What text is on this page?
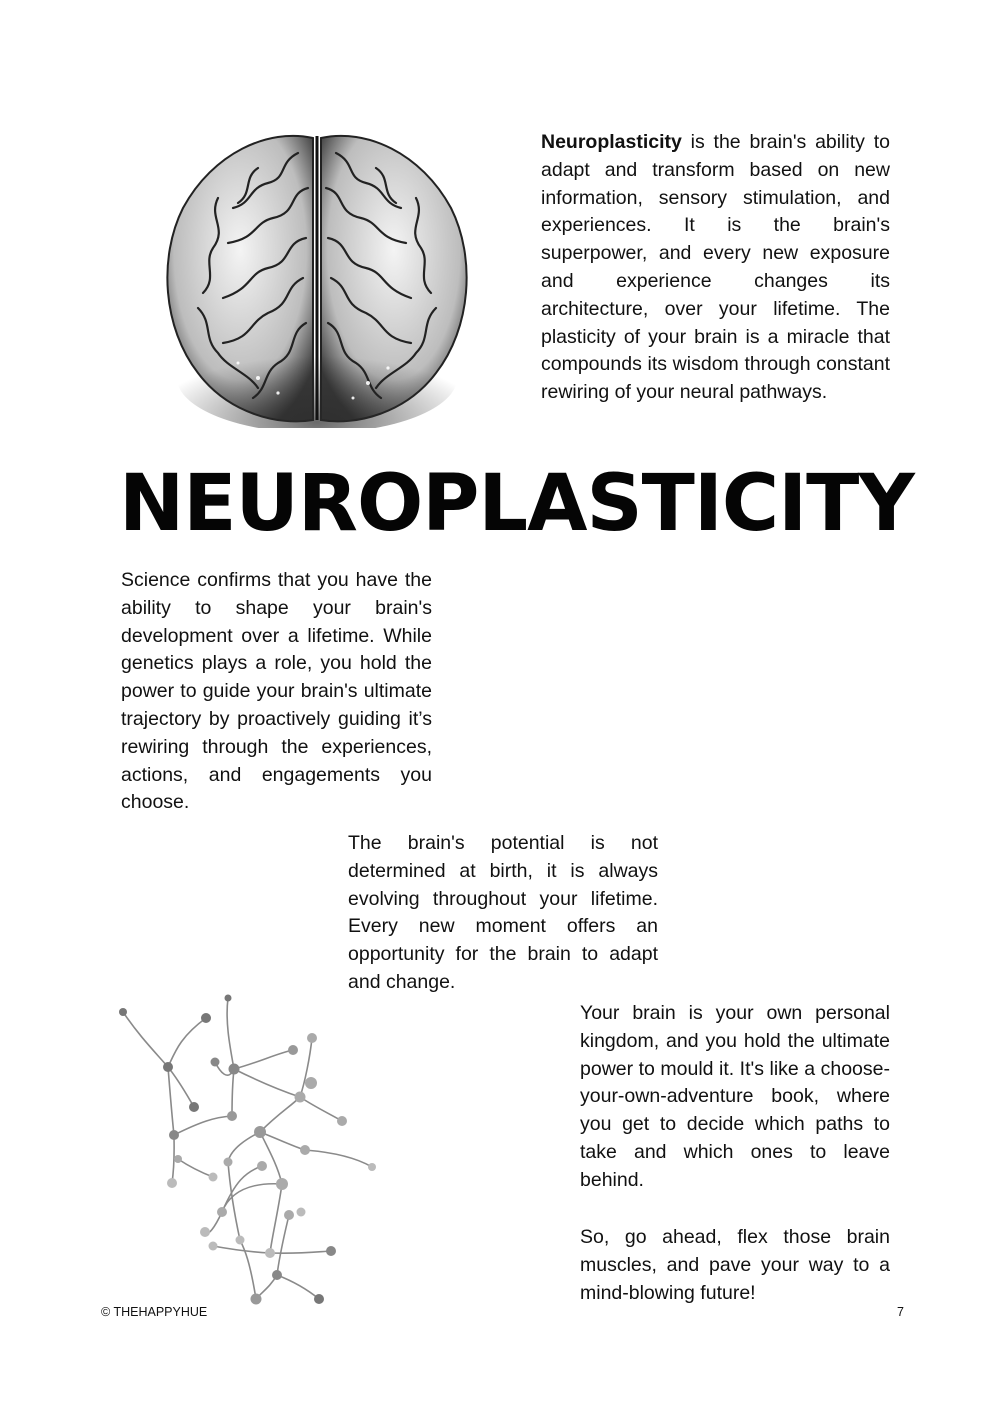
Neuroplasticity is the brain's ability to adapt and transform based on new information, sensory stimulation, and experiences. It is the brain's superpower, and every new exposure and experience changes its architecture, over your lifetime. The plasticity of your brain is a miracle that compounds its wisdom through constant rewiring of your neural pathways.

NEUROPLASTICITY

Science confirms that you have the ability to shape your brain's development over a lifetime. While genetics plays a role, you hold the power to guide your brain's ultimate trajectory by proactively guiding it’s rewiring through the experiences, actions, and engagements you choose.

The brain's potential is not determined at birth, it is always evolving throughout your lifetime. Every new moment offers an opportunity for the brain to adapt and change.

Your brain is your own personal kingdom, and you hold the ultimate power to mould it. It's like a choose-your-own-adventure book, where you get to decide which paths to take and which ones to leave behind.

So, go ahead, flex those brain muscles, and pave your way to a mind-blowing future!

© THEHAPPYHUE	7
